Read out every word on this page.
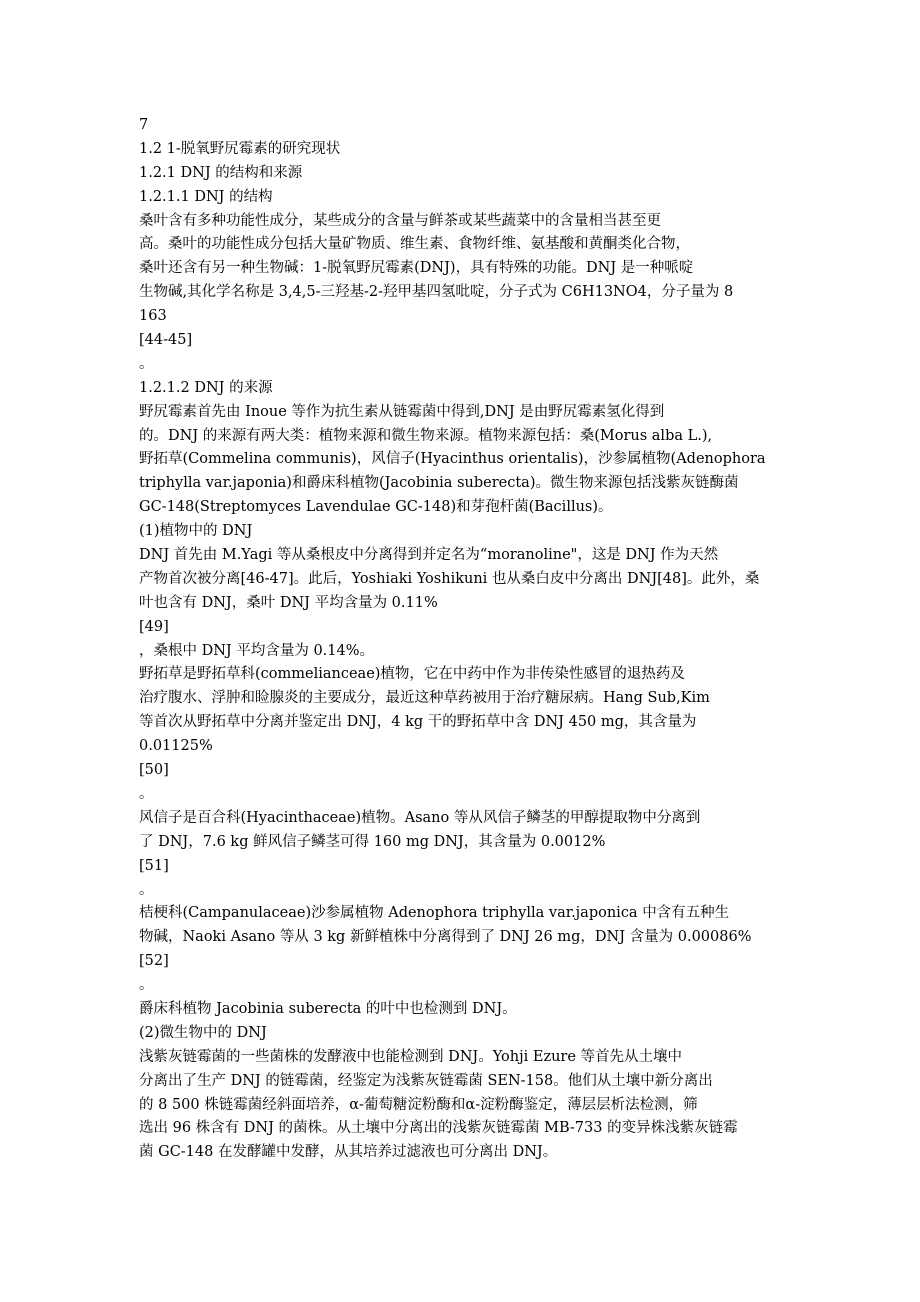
7
1.2 1-脱氧野尻霉素的研究现状
1.2.1 DNJ 的结构和来源
1.2.1.1 DNJ 的结构
桑叶含有多种功能性成分，某些成分的含量与鲜茶或某些蔬菜中的含量相当甚至更
高。桑叶的功能性成分包括大量矿物质、维生素、食物纤维、氨基酸和黄酮类化合物，
桑叶还含有另一种生物碱：1-脱氧野尻霉素(DNJ)，具有特殊的功能。DNJ 是一种哌啶
生物碱,其化学名称是 3,4,5-三羟基-2-羟甲基四氢吡啶，分子式为 C6H13NO4，分子量为 8
163
[44-45]
。
1.2.1.2 DNJ 的来源
野尻霉素首先由 Inoue 等作为抗生素从链霉菌中得到,DNJ 是由野尻霉素氢化得到
的。DNJ 的来源有两大类：植物来源和微生物来源。植物来源包括：桑(Morus alba L.),
野拓草(Commelina communis)，风信子(Hyacinthus orientalis)，沙参属植物(Adenophora
triphylla var.japonia)和爵床科植物(Jacobinia suberecta)。微生物来源包括浅紫灰链酶菌
GC-148(Streptomyces Lavendulae GC-148)和芽孢杆菌(Bacillus)。
(1)植物中的 DNJ
DNJ 首先由 M.Yagi 等从桑根皮中分离得到并定名为“moranoline"，这是 DNJ 作为天然
产物首次被分离[46-47]。此后，Yoshiaki Yoshikuni 也从桑白皮中分离出 DNJ[48]。此外，桑
叶也含有 DNJ，桑叶 DNJ 平均含量为 0.11%
[49]
，桑根中 DNJ 平均含量为 0.14%。
野拓草是野拓草科(commelianceae)植物，它在中药中作为非传染性感冒的退热药及
治疗腹水、浮肿和睑腺炎的主要成分，最近这种草药被用于治疗糖尿病。Hang Sub,Kim
等首次从野拓草中分离并鉴定出 DNJ，4 kg 干的野拓草中含 DNJ 450 mg，其含量为
0.01125%
[50]
。
风信子是百合科(Hyacinthaceae)植物。Asano 等从风信子鳞茎的甲醇提取物中分离到
了 DNJ，7.6 kg 鲜风信子鳞茎可得 160 mg DNJ，其含量为 0.0012%
[51]
。
桔梗科(Campanulaceae)沙参属植物 Adenophora triphylla var.japonica 中含有五种生
物碱，Naoki Asano 等从 3 kg 新鲜植株中分离得到了 DNJ 26 mg，DNJ 含量为 0.00086%
[52]
。
爵床科植物 Jacobinia suberecta 的叶中也检测到 DNJ。
(2)微生物中的 DNJ
浅紫灰链霉菌的一些菌株的发酵液中也能检测到 DNJ。Yohji Ezure 等首先从土壤中
分离出了生产 DNJ 的链霉菌，经鉴定为浅紫灰链霉菌 SEN-158。他们从土壤中新分离出
的 8 500 株链霉菌经斜面培养，α-葡萄糖淀粉酶和α-淀粉酶鉴定，薄层层析法检测，筛
选出 96 株含有 DNJ 的菌株。从土壤中分离出的浅紫灰链霉菌 MB-733 的变异株浅紫灰链霉
菌 GC-148 在发酵罐中发酵，从其培养过滤液也可分离出 DNJ。
